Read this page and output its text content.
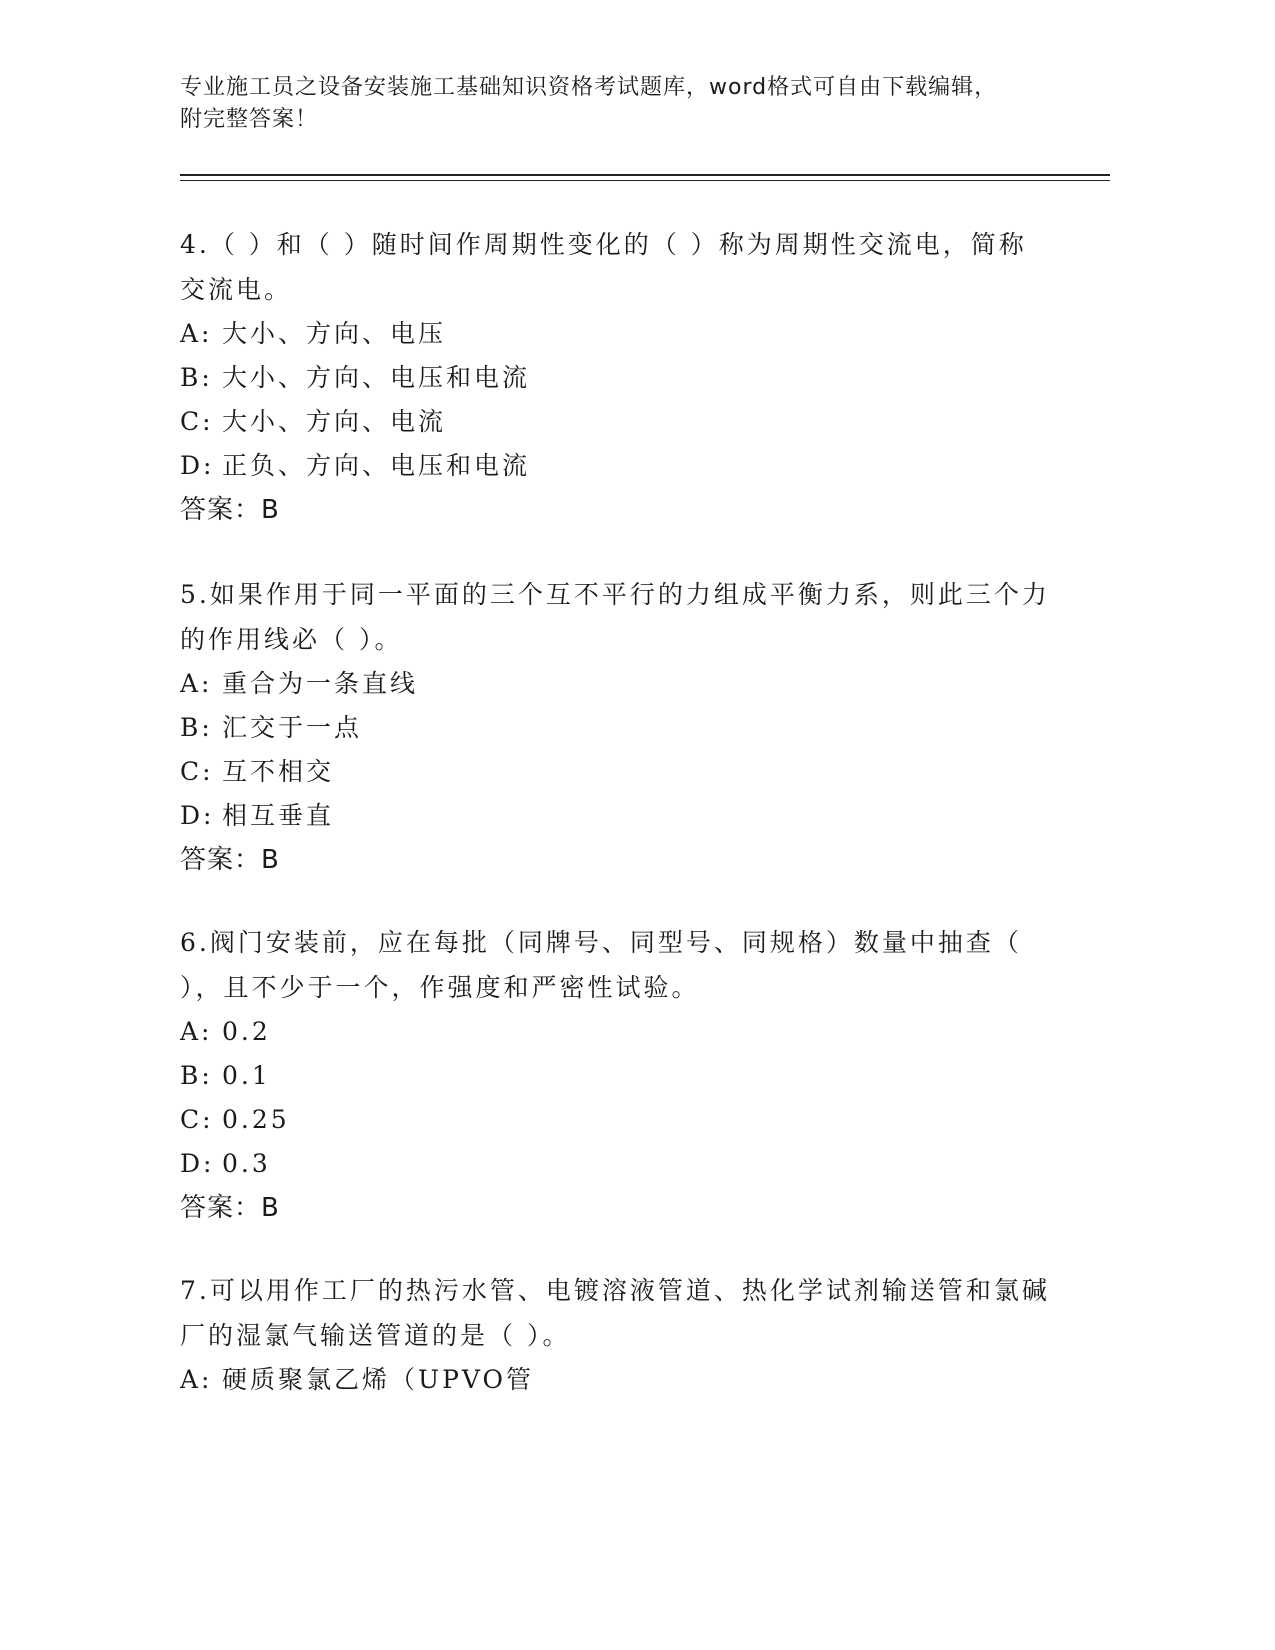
专业施工员之设备安装施工基础知识资格考试题库，word格式可自由下载编辑，
附完整答案！

4.（ ）和（ ）随时间作周期性变化的（ ）称为周期性交流电，简称交流电。

A: 大小、方向、电压

B: 大小、方向、电压和电流

C: 大小、方向、电流

D: 正负、方向、电压和电流

答案：B

5.如果作用于同一平面的三个互不平行的力组成平衡力系，则此三个力的作用线必（ ）。

A: 重合为一条直线

B: 汇交于一点

C: 互不相交

D: 相互垂直

答案：B

6.阀门安装前，应在每批（同牌号、同型号、同规格）数量中抽查（ ），且不少于一个，作强度和严密性试验。

A: 0.2

B: 0.1

C: 0.25

D: 0.3

答案：B

7.可以用作工厂的热污水管、电镀溶液管道、热化学试剂输送管和氯碱厂的湿氯气输送管道的是（ ）。

A: 硬质聚氯乙烯（UPVO管
